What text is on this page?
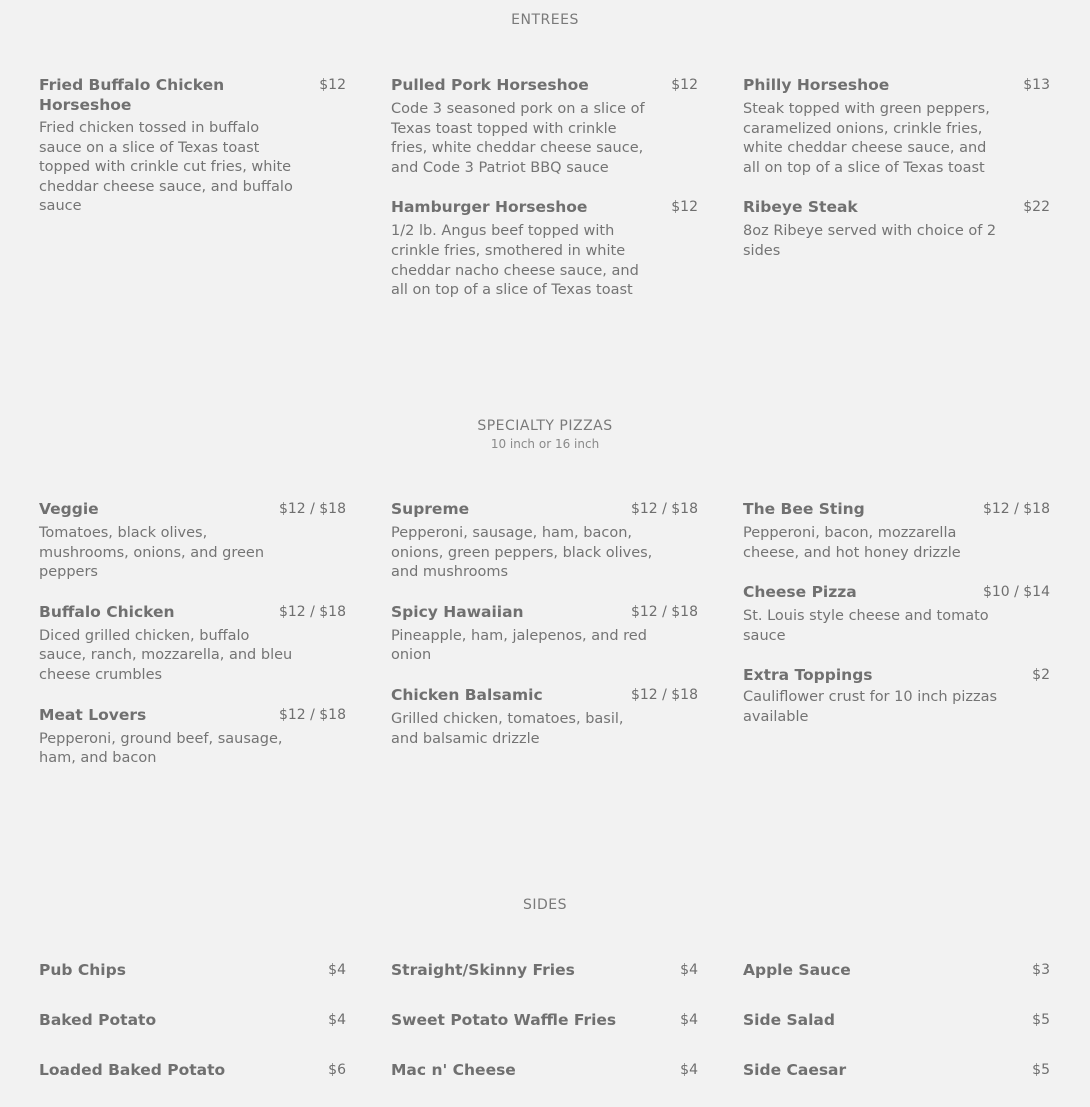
ENTREES
Fried Buffalo Chicken Horseshoe
$12
Fried chicken tossed in buffalo sauce on a slice of Texas toast topped with crinkle cut fries, white cheddar cheese sauce, and buffalo sauce
Pulled Pork Horseshoe	$12
Code 3 seasoned pork on a slice of Texas toast topped with crinkle fries, white cheddar cheese sauce, and Code 3 Patriot BBQ sauce
Hamburger Horseshoe	$12
1/2 lb. Angus beef topped with crinkle fries, smothered in white cheddar nacho cheese sauce, and all on top of a slice of Texas toast
Philly Horseshoe	$13
Steak topped with green peppers, caramelized onions, crinkle fries, white cheddar cheese sauce, and all on top of a slice of Texas toast
Ribeye Steak	$22
8oz Ribeye served with choice of 2 sides
SPECIALTY PIZZAS
10 inch or 16 inch
Veggie	$12 / $18
Tomatoes, black olives, mushrooms, onions, and green peppers
Buffalo Chicken	$12 / $18
Diced grilled chicken, buffalo sauce, ranch, mozzarella, and bleu cheese crumbles
Meat Lovers	$12 / $18
Pepperoni, ground beef, sausage, ham, and bacon
Supreme	$12 / $18
Pepperoni, sausage, ham, bacon, onions, green peppers, black olives, and mushrooms
Spicy Hawaiian	$12 / $18
Pineapple, ham, jalepenos, and red onion
Chicken Balsamic	$12 / $18
Grilled chicken, tomatoes, basil, and balsamic drizzle
The Bee Sting	$12 / $18
Pepperoni, bacon, mozzarella cheese, and hot honey drizzle
Cheese Pizza	$10 / $14
St. Louis style cheese and tomato sauce
Extra Toppings	$2
Cauliflower crust for 10 inch pizzas available
SIDES
Pub Chips	$4
Baked Potato	$4
Loaded Baked Potato	$6
Straight/Skinny Fries	$4
Sweet Potato Waffle Fries	$4
Mac n' Cheese	$4
Apple Sauce	$3
Side Salad	$5
Side Caesar	$5
